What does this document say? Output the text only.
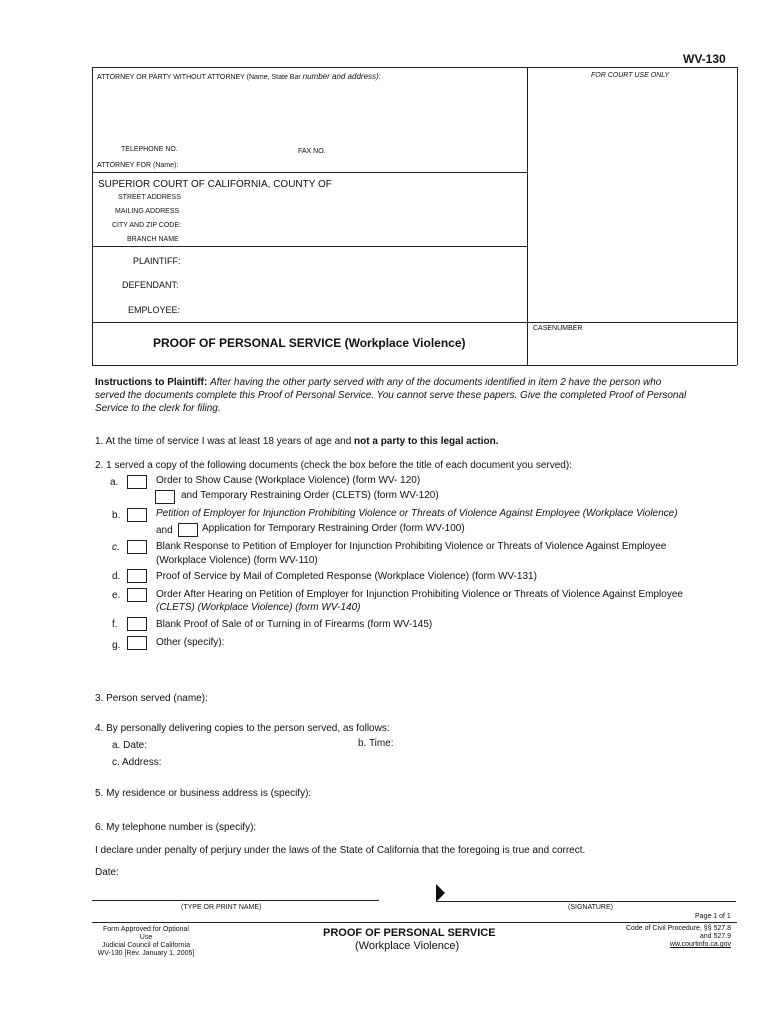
WV-130
ATTORNEY OR PARTY WITHOUT ATTORNEY (Name, State Bar number and address):	FOR COURT USE ONLY
TELEPHONE NO.	FAX NO.
ATTORNEY FOR (Name):
SUPERIOR COURT OF CALIFORNIA, COUNTY OF
STREET ADDRESS
MAILING ADDRESS
CITY AND ZIP CODE:
BRANCH NAME
PLAINTIFF:
DEFENDANT:
EMPLOYEE:
CASENUMBER
PROOF OF PERSONAL SERVICE (Workplace Violence)
Instructions to Plaintiff: After having the other party served with any of the documents identified in item 2 have the person who
served the documents complete this Proof of Personal Service. You cannot serve these papers. Give the completed Proof of Personal
Service to the clerk for filing.
1. At the time of service I was at least 18 years of age and not a party to this legal action.
2. 1 served a copy of the following documents (check the box before the title of each document you served):
a.	Order to Show Cause (Workplace Violence) (form WV- 120)
and Temporary Restraining Order (CLETS) (form WV-120)
b.	Petition of Employer for Injunction Prohibiting Violence or Threats of Violence Against Employee (Workplace Violence)
and	Application for Temporary Restraining Order (form WV-100)
c.	Blank Response to Petition of Employer for Injunction Prohibiting Violence or Threats of Violence Against Employee
(Workplace Violence) (form WV-110)
d.	Proof of Service by Mail of Completed Response (Workplace Violence) (form WV-131)
e.	Order After Hearing on Petition of Employer for Injunction Prohibiting Violence or Threats of Violence Against Employee
(CLETS) (Workplace Violence) (form WV-140)
f.	Blank Proof of Sale of or Turning in of Firearms (form WV-145)
g.	Other (specify):
3. Person served (name):
4. By personally delivering copies to the person served, as follows:
a. Date:	b. Time:
c. Address:
5. My residence or business address is (specify):
6. My telephone number is (specify):
I declare under penalty of perjury under the laws of the State of California that the foregoing is true and correct.
Date:
(TYPE OR PRINT NAME)	(SIGNATURE)
Page 1 of 1
Form Approved for Optional Use
Judicial Council of California
WV-130 [Rev. January 1, 2005]
PROOF OF PERSONAL SERVICE
(Workplace Violence)
Code of Civil Procedure, §§ 527.8
and 527.9
ww.courtinfo.ca.gov
